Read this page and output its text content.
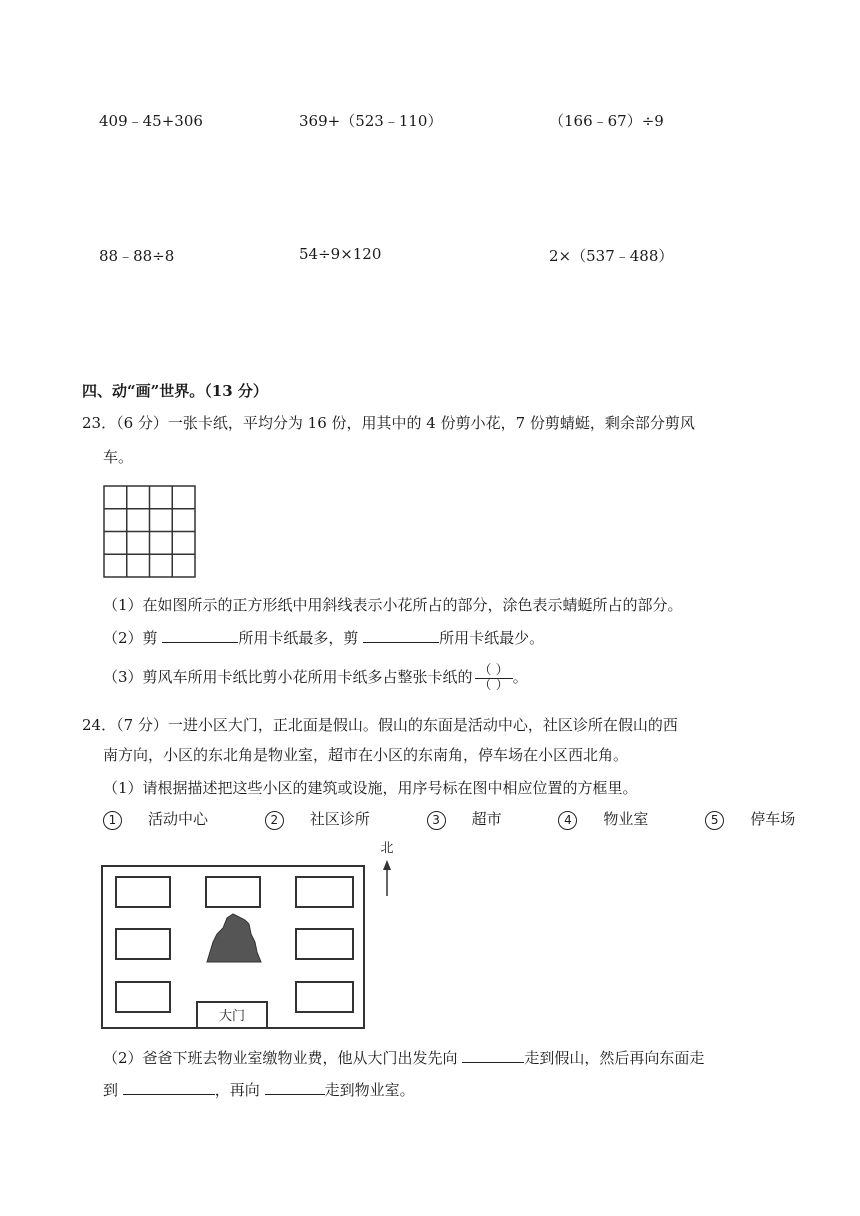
409﹣45+306	369+（523﹣110）	（166﹣67）÷9
88﹣88÷8	54÷9×120	2×（537﹣488）
四、动“画”世界。（13 分）
23．（6 分）一张卡纸，平均分为 16 份，用其中的 4 份剪小花，7 份剪蜻蜓，剩余部分剪风
车。
（1）在如图所示的正方形纸中用斜线表示小花所占的部分，涂色表示蜻蜓所占的部分。
（2）剪	所用卡纸最多，剪	所用卡纸最少。
（3）剪风车所用卡纸比剪小花所用卡纸多占整张卡纸的 $\frac{( )}{( )}$ 。
24．（7 分）一进小区大门，正北面是假山。假山的东面是活动中心，社区诊所在假山的西
南方向，小区的东北角是物业室，超市在小区的东南角，停车场在小区西北角。
（1）请根据描述把这些小区的建筑或设施，用序号标在图中相应位置的方框里。
1 活动中心	2 社区诊所	3 超市	4 物业室	5 停车场
大门
北
（2）爸爸下班去物业室缴物业费，他从大门出发先向	走到假山，然后再向东面走
到	，再向	走到物业室。
